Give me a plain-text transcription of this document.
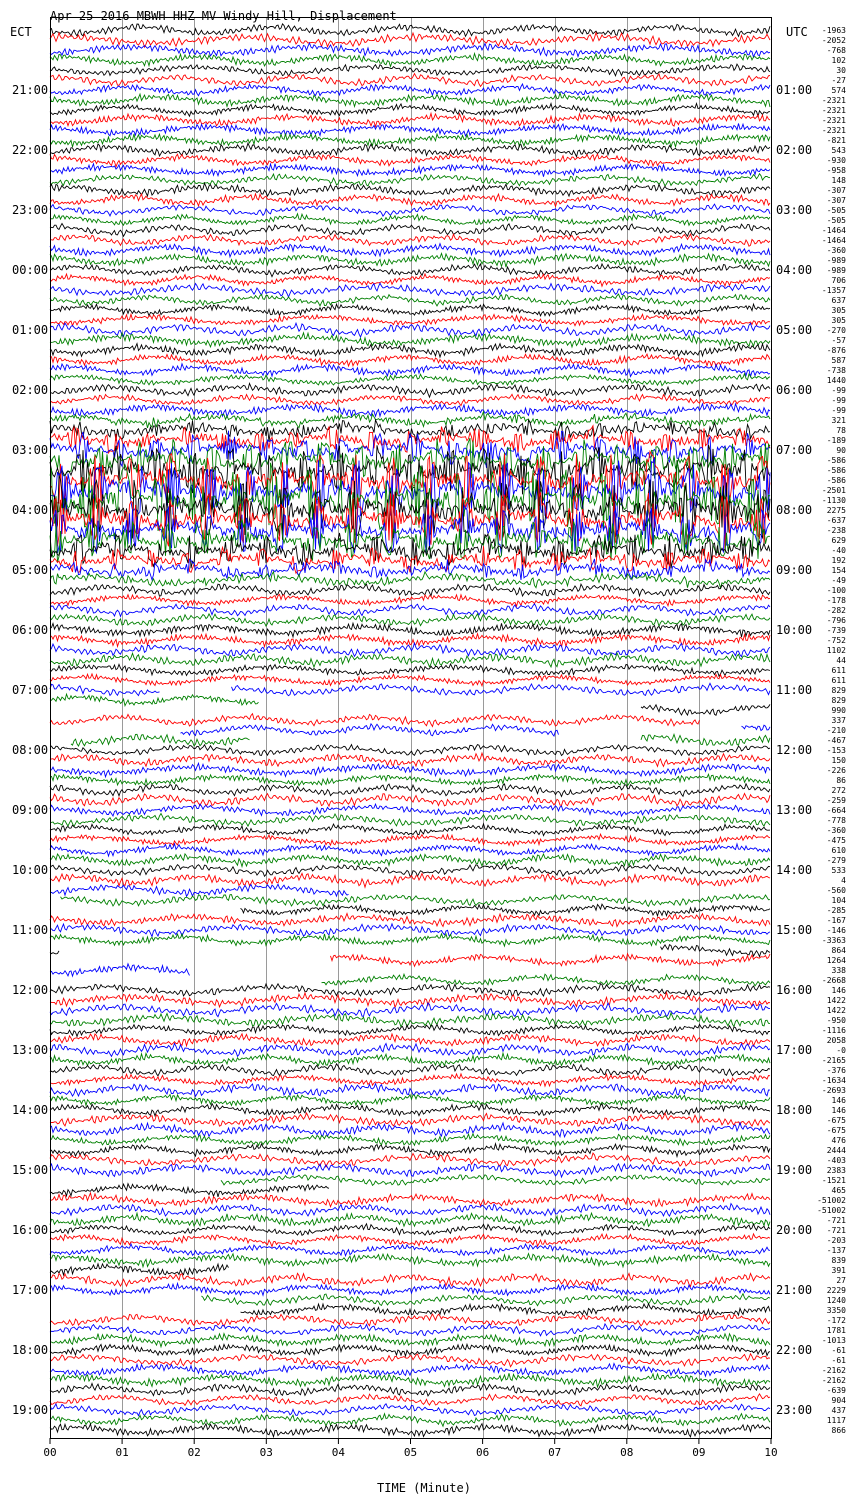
Apr 25 2016 MBWH HHZ MV Windy Hill, Displacement
ECT	UTC
21:00
22:00
23:00
00:00
01:00
02:00
03:00
04:00
05:00
06:00
07:00
08:00
09:00
10:00
11:00
12:00
13:00
14:00
15:00
16:00
17:00
18:00
19:00
01:00
02:00
03:00
04:00
05:00
06:00
07:00
08:00
09:00
10:00
11:00
12:00
13:00
14:00
15:00
16:00
17:00
18:00
19:00
20:00
21:00
22:00
23:00
-1963
-2052
-768
102
30
-27
574
-2321
-2321
-2321
-2321
-821
543
-930
-958
148
-307
-307
-505
-505
-1464
-1464
-360
-989
-989
706
-1357
637
305
305
-270
-57
-876
587
-738
1440
-99
-99
-99
321
78
-189
90
-586
-586
-586
-2501
-1130
2275
-637
-238
629
-40
192
154
-49
-100
-178
-282
-796
-739
-752
1102
44
611
611
829
829
990
337
-210
-467
-153
150
-226
86
272
-259
-664
-778
-360
-475
610
-279
533
4
-560
104
-285
-167
-146
-3363
864
1264
338
-2668
146
1422
1422
-950
-1116
2058
-0
-2165
-376
-1634
-2693
146
146
-675
-675
476
2444
-403
2383
-1521
465
-51002
-51002
-721
-721
-203
-137
839
391
27
2229
1240
3350
-172
1781
-1013
-61
-61
-2162
-2162
-639
904
437
1117
866
00	01	02	03	04	05	06	07	08	09	10
TIME (Minute)
